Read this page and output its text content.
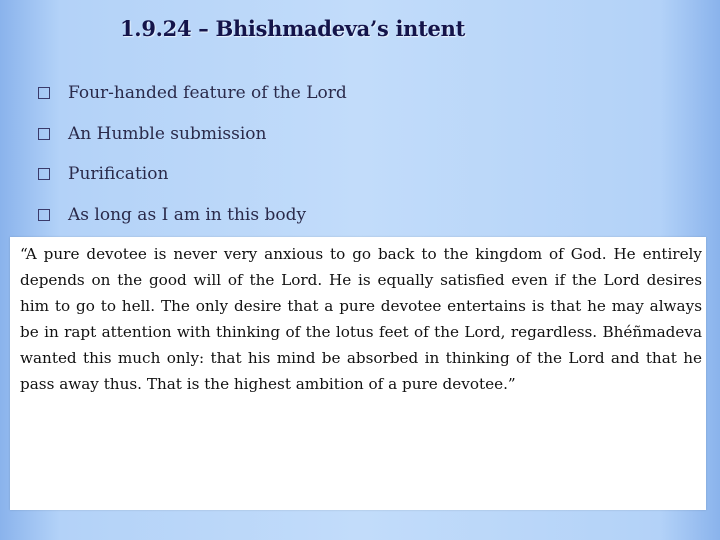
1.9.24 – Bhishmadeva’s intent
Four-handed feature of the Lord
An Humble submission
Purification
As long as I am in this body
“A pure devotee is never very anxious to go back to the kingdom of God. He entirely depends on the good will of the Lord. He is equally satisfied even if the Lord desires him to go to hell. The only desire that a pure devotee entertains is that he may always be in rapt attention with thinking of the lotus feet of the Lord, regardless. Bhéñmadeva wanted this much only: that his mind be absorbed in thinking of the Lord and that he pass away thus. That is the highest ambition of a pure devotee.”
